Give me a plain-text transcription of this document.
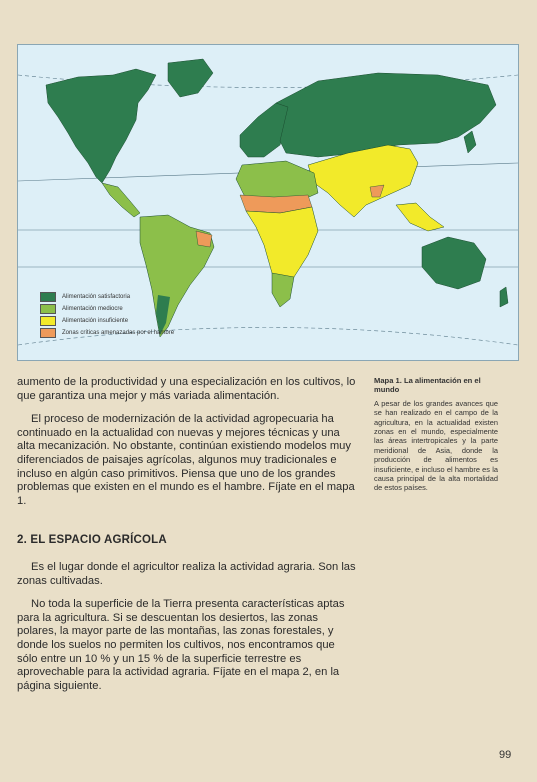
Alimentación satisfactoria
Alimentación mediocre
Alimentación insuficiente
Zonas críticas amenazadas por el hambre

aumento de la productividad y una especialización en los cultivos, lo que garantiza una mejor y más variada alimentación.

El proceso de modernización de la actividad agropecuaria ha continuado en la actualidad con nuevas y mejores técnicas y una alta mecanización. No obstante, continúan existiendo modelos muy diferenciados de paisajes agrícolas, algunos muy tradicionales e incluso en algún caso primitivos. Piensa que uno de los grandes problemas que existen en el mundo es el hambre. Fíjate en el mapa 1.

2. EL ESPACIO AGRÍCOLA

Es el lugar donde el agricultor realiza la actividad agraria. Son las zonas cultivadas.

No toda la superficie de la Tierra presenta características aptas para la agricultura. Si se descuentan los desiertos, las zonas polares, la mayor parte de las montañas, las zonas forestales, y donde los suelos no permiten los cultivos, nos encontramos que sólo entre un 10 % y un 15 % de la superficie terrestre es aprovechable para la actividad agraria. Fíjate en el mapa 2, en la página siguiente.

Mapa 1. La alimentación en el mundo
A pesar de los grandes avances que se han realizado en el campo de la agricultura, en la actualidad existen zonas en el mundo, especialmente las áreas intertropicales y la parte meridional de Asia, donde la producción de alimentos es insuficiente, e incluso el hambre es la causa principal de la alta mortalidad de estos países.
99
